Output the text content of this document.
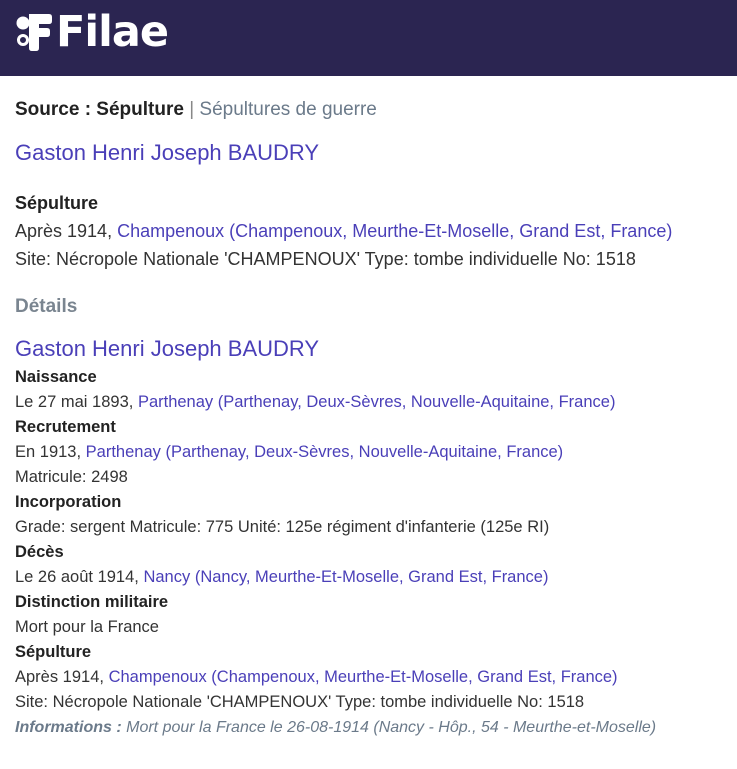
Filae
Source : Sépulture | Sépultures de guerre
Gaston Henri Joseph BAUDRY
Sépulture
Après 1914, Champenoux (Champenoux, Meurthe-Et-Moselle, Grand Est, France)
Site: Nécropole Nationale 'CHAMPENOUX' Type: tombe individuelle No: 1518
Détails
Gaston Henri Joseph BAUDRY
Naissance
Le 27 mai 1893, Parthenay (Parthenay, Deux-Sèvres, Nouvelle-Aquitaine, France)
Recrutement
En 1913, Parthenay (Parthenay, Deux-Sèvres, Nouvelle-Aquitaine, France)
Matricule: 2498
Incorporation
Grade: sergent Matricule: 775 Unité: 125e régiment d'infanterie (125e RI)
Décès
Le 26 août 1914, Nancy (Nancy, Meurthe-Et-Moselle, Grand Est, France)
Distinction militaire
Mort pour la France
Sépulture
Après 1914, Champenoux (Champenoux, Meurthe-Et-Moselle, Grand Est, France)
Site: Nécropole Nationale 'CHAMPENOUX' Type: tombe individuelle No: 1518
Informations : Mort pour la France le 26-08-1914 (Nancy - Hôp., 54 - Meurthe-et-Moselle)
